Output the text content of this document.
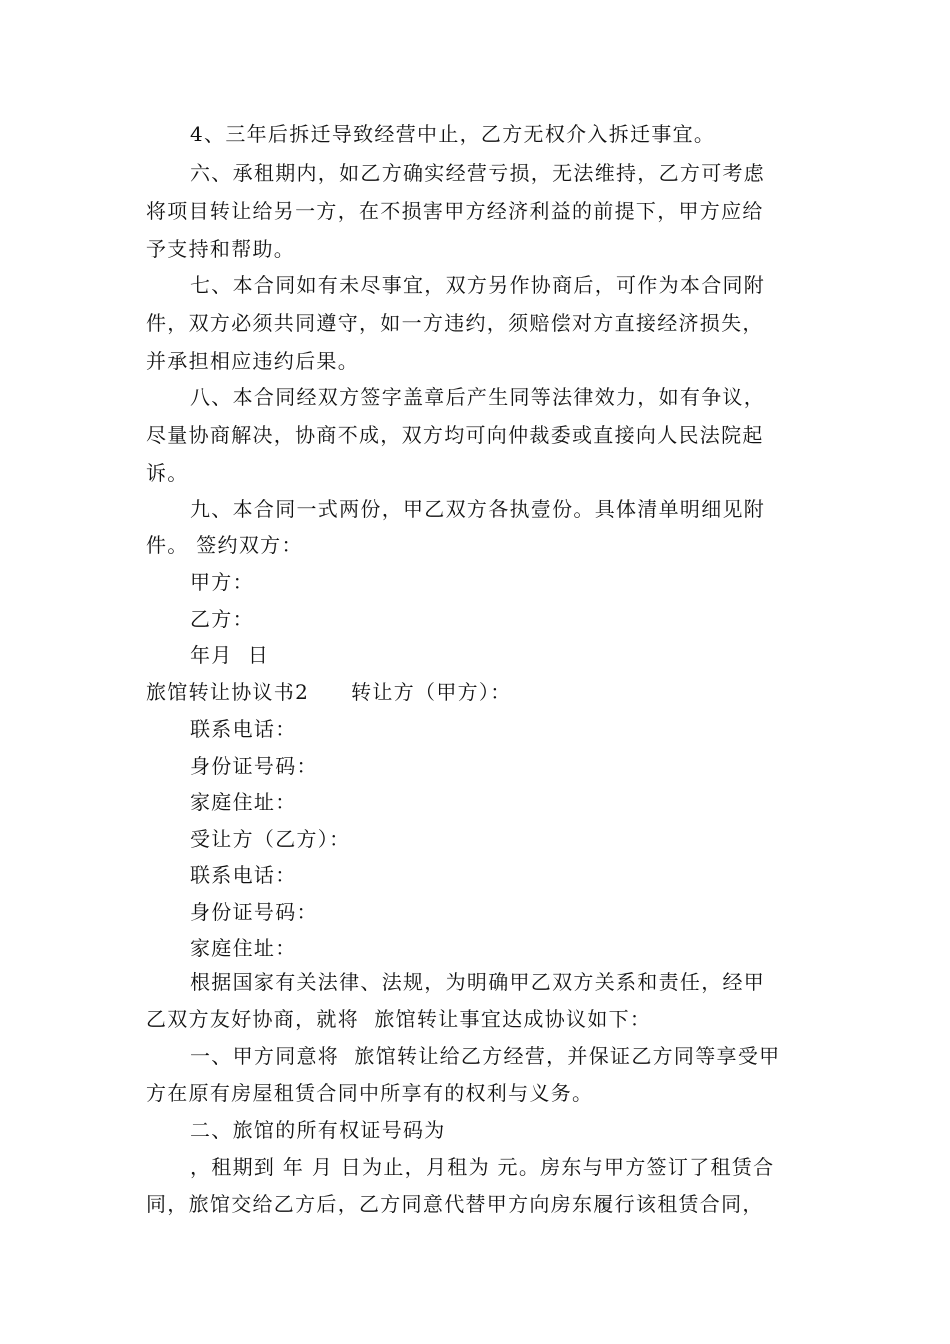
4、三年后拆迁导致经营中止，乙方无权介入拆迁事宜。
六、承租期内，如乙方确实经营亏损，无法维持，乙方可考虑
将项目转让给另一方，在不损害甲方经济利益的前提下，甲方应给
予支持和帮助。
七、本合同如有未尽事宜，双方另作协商后，可作为本合同附
件，双方必须共同遵守，如一方违约，须赔偿对方直接经济损失，
并承担相应违约后果。
八、本合同经双方签字盖章后产生同等法律效力，如有争议，
尽量协商解决，协商不成，双方均可向仲裁委或直接向人民法院起
诉。
九、本合同一式两份，甲乙双方各执壹份。具体清单明细见附
件。 签约双方：
甲方：
乙方：
年月  日
旅馆转让协议书2 转让方（甲方）：
联系电话：
身份证号码：
家庭住址：
受让方（乙方）：
联系电话：
身份证号码：
家庭住址：
根据国家有关法律、法规，为明确甲乙双方关系和责任，经甲
乙双方友好协商，就将  旅馆转让事宜达成协议如下：
一、甲方同意将  旅馆转让给乙方经营，并保证乙方同等享受甲
方在原有房屋租赁合同中所享有的权利与义务。
二、旅馆的所有权证号码为
，租期到 年 月 日为止，月租为 元。房东与甲方签订了租赁合
同，旅馆交给乙方后，乙方同意代替甲方向房东履行该租赁合同，
